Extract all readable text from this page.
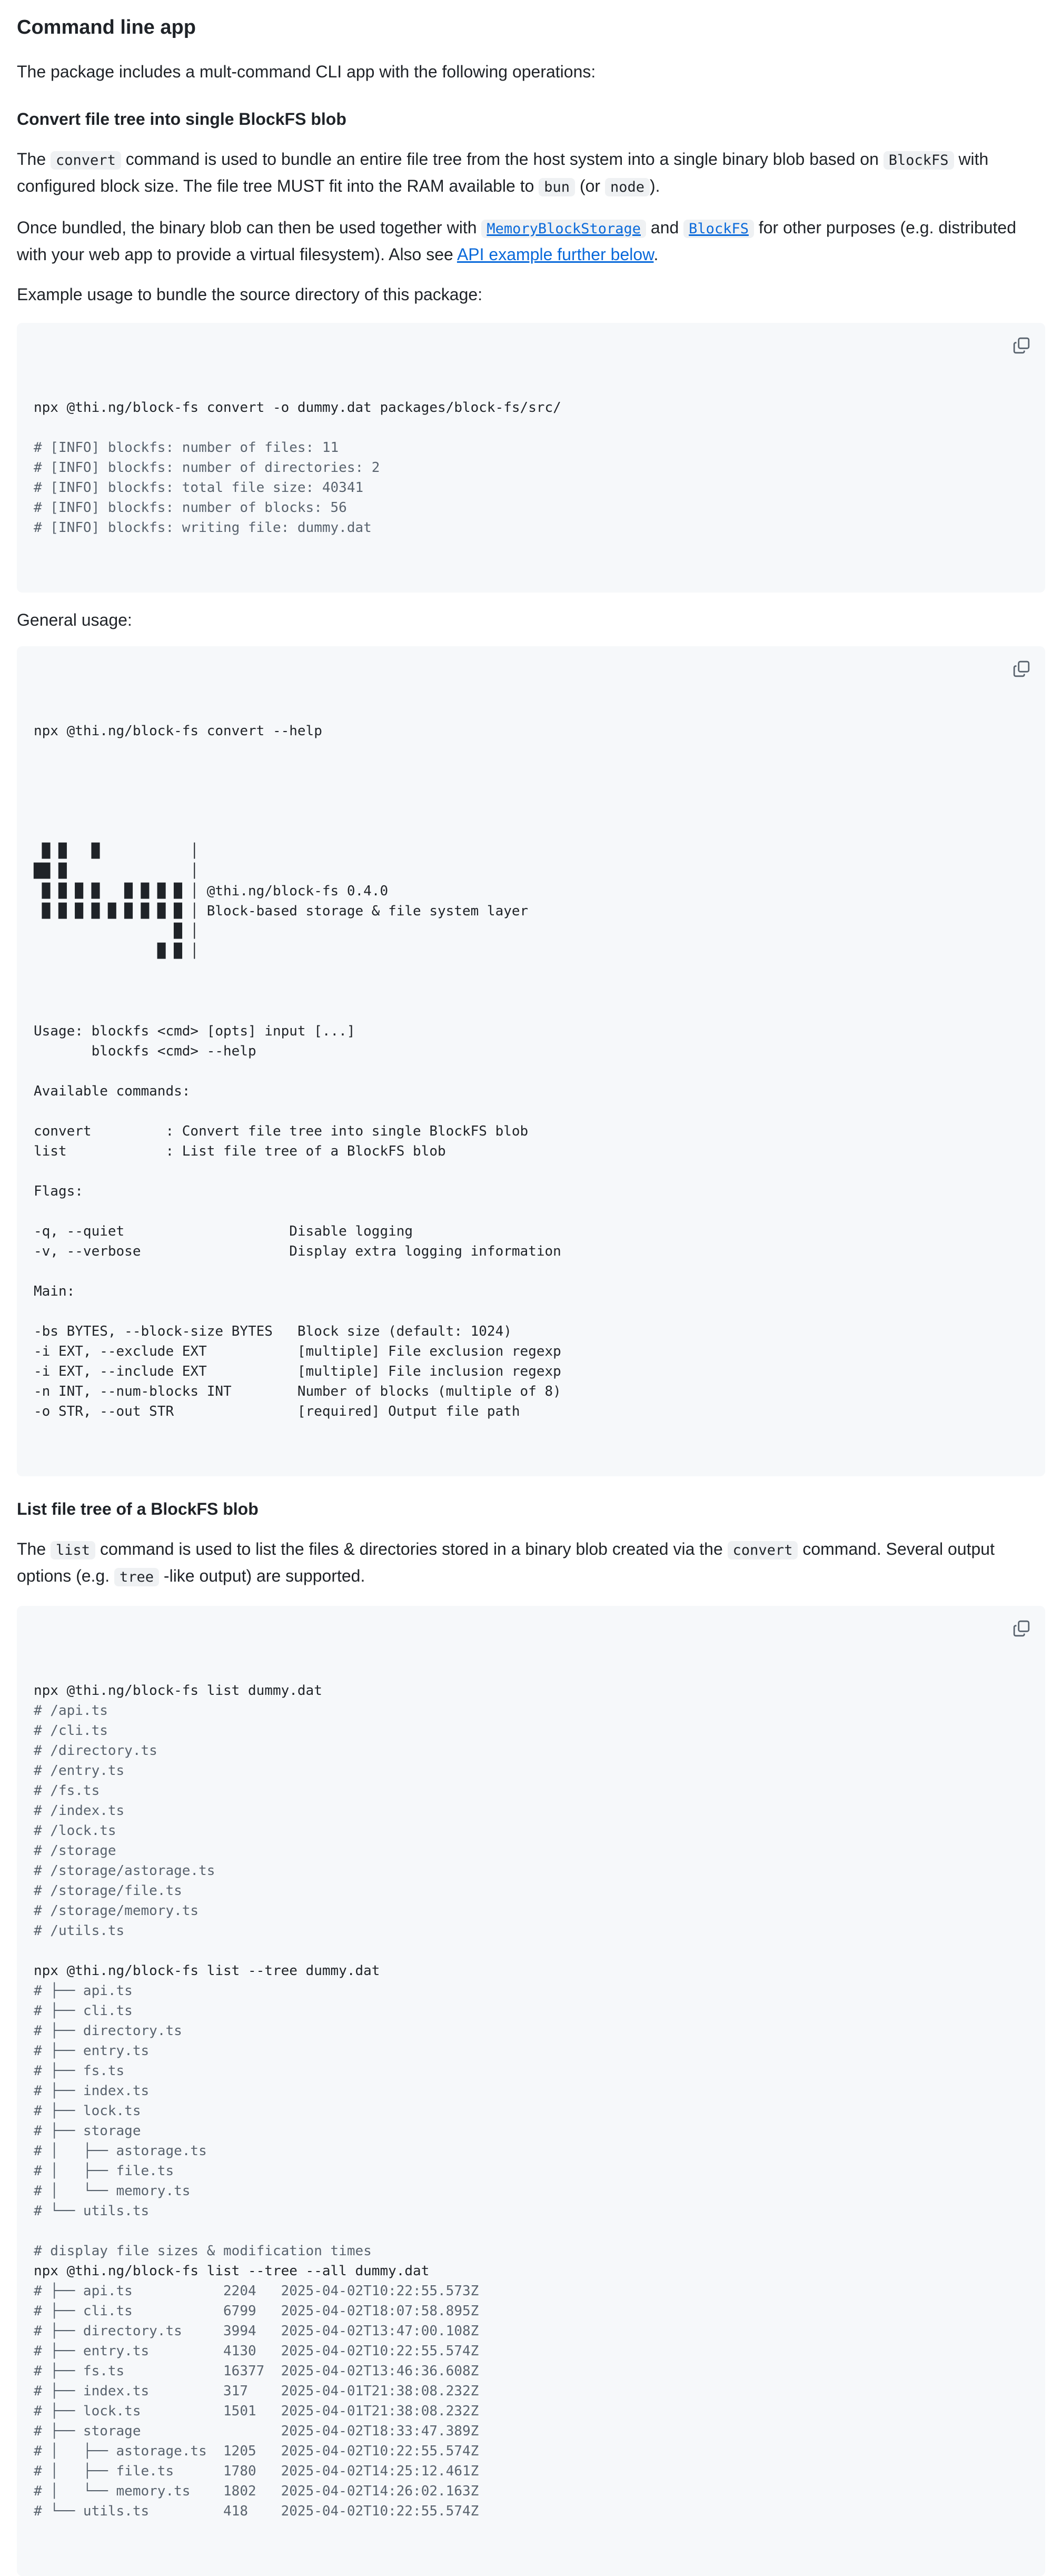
Command line app

The package includes a mult-command CLI app with the following operations:

Convert file tree into single BlockFS blob

The convert command is used to bundle an entire file tree from the host system into a single binary blob based on BlockFS with configured block size. The file tree MUST fit into the RAM available to bun (or node ).

Once bundled, the binary blob can then be used together with MemoryBlockStorage and BlockFS for other purposes (e.g. distributed with your web app to provide a virtual filesystem). Also see API example further below.

Example usage to bundle the source directory of this package:

npx @thi.ng/block-fs convert -o dummy.dat packages/block-fs/src/
# [INFO] blockfs: number of files: 11
# [INFO] blockfs: number of directories: 2
# [INFO] blockfs: total file size: 40341
# [INFO] blockfs: number of blocks: 56
# [INFO] blockfs: writing file: dummy.dat

General usage:

npx @thi.ng/block-fs convert --help

█ █   █           │
██ █               │
█ █ █ █   █ █ █ █ │ @thi.ng/block-fs 0.4.0
█ █ █ █ █ █ █ █ █ │ Block-based storage & file system layer
█ │
█ █ │

Usage: blockfs <cmd> [opts] input [...]
blockfs <cmd> --help
Available commands:
convert         : Convert file tree into single BlockFS blob
list            : List file tree of a BlockFS blob
Flags:
-q, --quiet                    Disable logging
-v, --verbose                  Display extra logging information
Main:
-bs BYTES, --block-size BYTES   Block size (default: 1024)
-i EXT, --exclude EXT           [multiple] File exclusion regexp
-i EXT, --include EXT           [multiple] File inclusion regexp
-n INT, --num-blocks INT        Number of blocks (multiple of 8)
-o STR, --out STR               [required] Output file path

List file tree of a BlockFS blob

The list command is used to list the files & directories stored in a binary blob created via the convert command. Several output options (e.g. tree -like output) are supported.

npx @thi.ng/block-fs list dummy.dat
# /api.ts
# /cli.ts
# /directory.ts
# /entry.ts
# /fs.ts
# /index.ts
# /lock.ts
# /storage
# /storage/astorage.ts
# /storage/file.ts
# /storage/memory.ts
# /utils.ts
npx @thi.ng/block-fs list --tree dummy.dat
# ├── api.ts
# ├── cli.ts
# ├── directory.ts
# ├── entry.ts
# ├── fs.ts
# ├── index.ts
# ├── lock.ts
# ├── storage
# │   ├── astorage.ts
# │   ├── file.ts
# │   └── memory.ts
# └── utils.ts
# display file sizes & modification times
npx @thi.ng/block-fs list --tree --all dummy.dat
# ├── api.ts           2204   2025-04-02T10:22:55.573Z
# ├── cli.ts           6799   2025-04-02T18:07:58.895Z
# ├── directory.ts     3994   2025-04-02T13:47:00.108Z
# ├── entry.ts         4130   2025-04-02T10:22:55.574Z
# ├── fs.ts            16377  2025-04-02T13:46:36.608Z
# ├── index.ts         317    2025-04-01T21:38:08.232Z
# ├── lock.ts          1501   2025-04-01T21:38:08.232Z
# ├── storage                 2025-04-02T18:33:47.389Z
# │   ├── astorage.ts  1205   2025-04-02T10:22:55.574Z
# │   ├── file.ts      1780   2025-04-02T14:25:12.461Z
# │   └── memory.ts    1802   2025-04-02T14:26:02.163Z
# └── utils.ts         418    2025-04-02T10:22:55.574Z
